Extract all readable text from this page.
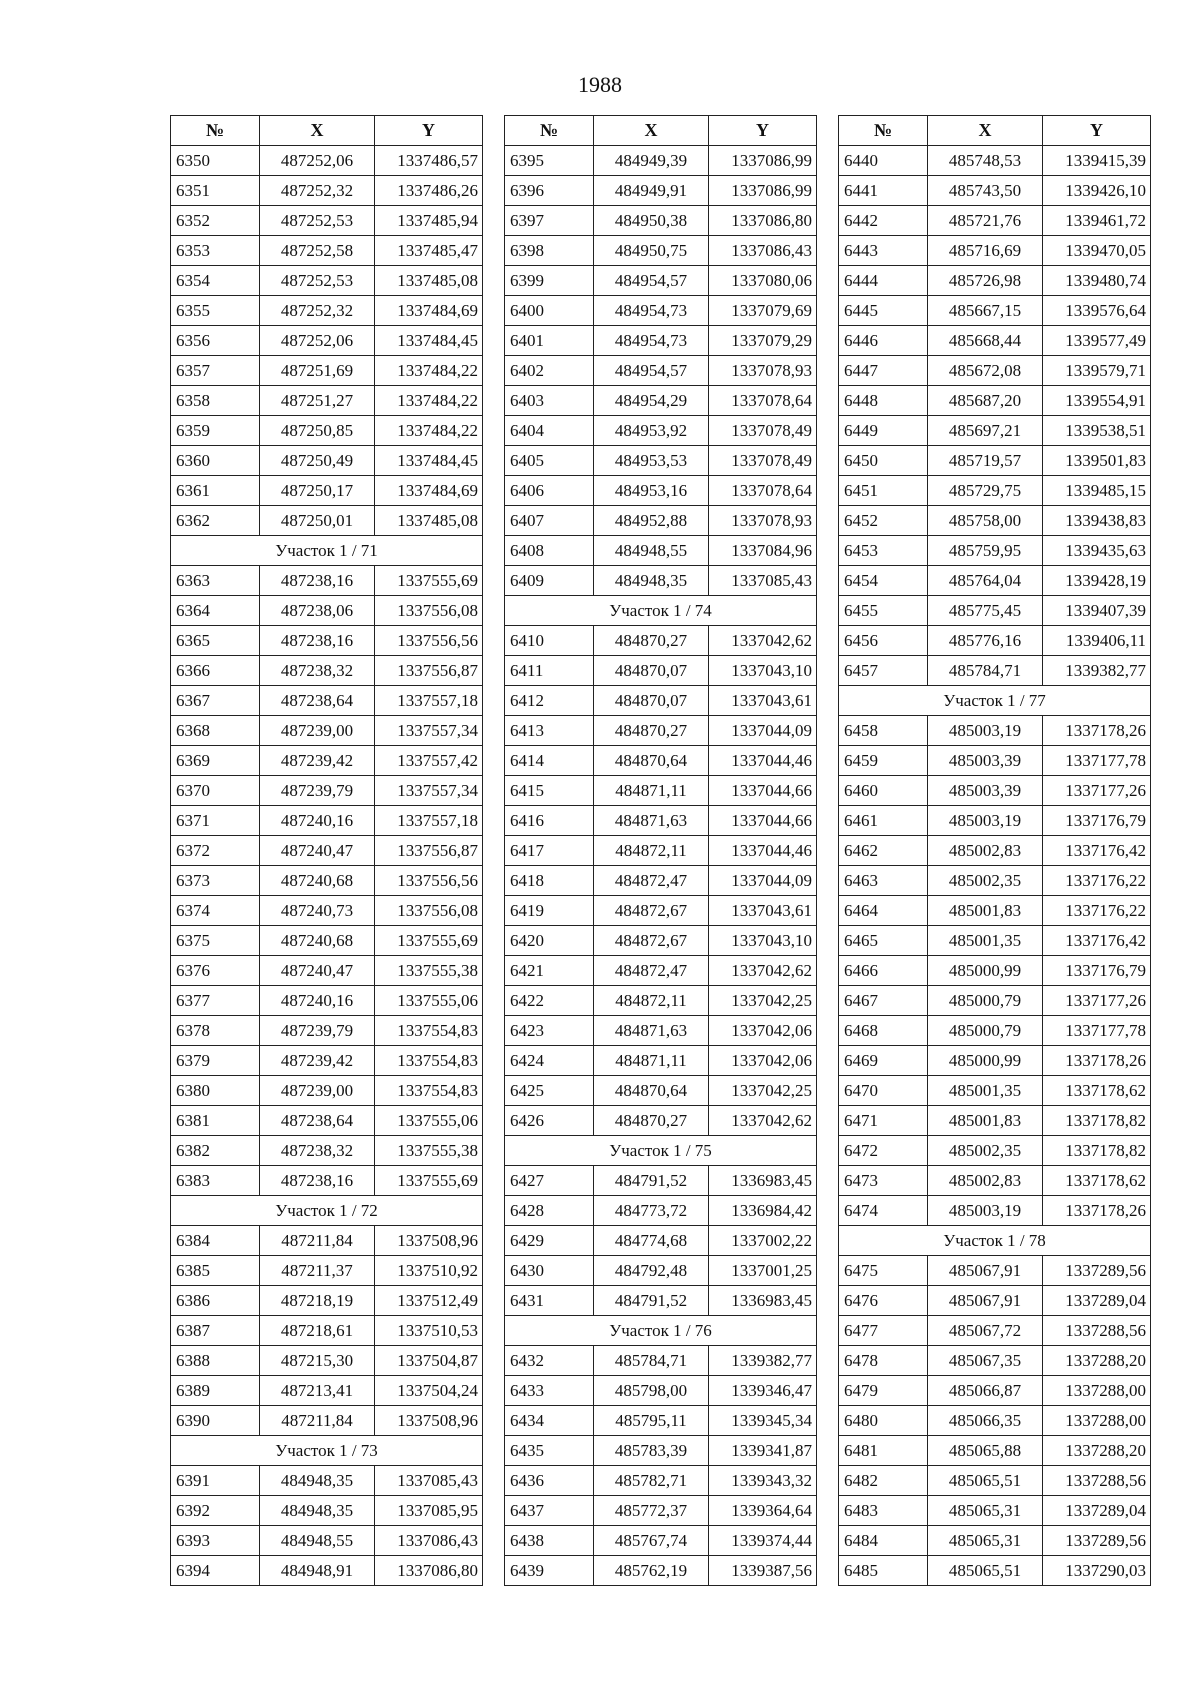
1988
№	X	Y
6350	487252,06	1337486,57
6351	487252,32	1337486,26
6352	487252,53	1337485,94
6353	487252,58	1337485,47
6354	487252,53	1337485,08
6355	487252,32	1337484,69
6356	487252,06	1337484,45
6357	487251,69	1337484,22
6358	487251,27	1337484,22
6359	487250,85	1337484,22
6360	487250,49	1337484,45
6361	487250,17	1337484,69
6362	487250,01	1337485,08
Участок 1 / 71		
6363	487238,16	1337555,69
6364	487238,06	1337556,08
6365	487238,16	1337556,56
6366	487238,32	1337556,87
6367	487238,64	1337557,18
6368	487239,00	1337557,34
6369	487239,42	1337557,42
6370	487239,79	1337557,34
6371	487240,16	1337557,18
6372	487240,47	1337556,87
6373	487240,68	1337556,56
6374	487240,73	1337556,08
6375	487240,68	1337555,69
6376	487240,47	1337555,38
6377	487240,16	1337555,06
6378	487239,79	1337554,83
6379	487239,42	1337554,83
6380	487239,00	1337554,83
6381	487238,64	1337555,06
6382	487238,32	1337555,38
6383	487238,16	1337555,69
Участок 1 / 72		
6384	487211,84	1337508,96
6385	487211,37	1337510,92
6386	487218,19	1337512,49
6387	487218,61	1337510,53
6388	487215,30	1337504,87
6389	487213,41	1337504,24
6390	487211,84	1337508,96
Участок 1 / 73		
6391	484948,35	1337085,43
6392	484948,35	1337085,95
6393	484948,55	1337086,43
6394	484948,91	1337086,80
№	X	Y
6395	484949,39	1337086,99
6396	484949,91	1337086,99
6397	484950,38	1337086,80
6398	484950,75	1337086,43
6399	484954,57	1337080,06
6400	484954,73	1337079,69
6401	484954,73	1337079,29
6402	484954,57	1337078,93
6403	484954,29	1337078,64
6404	484953,92	1337078,49
6405	484953,53	1337078,49
6406	484953,16	1337078,64
6407	484952,88	1337078,93
6408	484948,55	1337084,96
6409	484948,35	1337085,43
Участок 1 / 74		
6410	484870,27	1337042,62
6411	484870,07	1337043,10
6412	484870,07	1337043,61
6413	484870,27	1337044,09
6414	484870,64	1337044,46
6415	484871,11	1337044,66
6416	484871,63	1337044,66
6417	484872,11	1337044,46
6418	484872,47	1337044,09
6419	484872,67	1337043,61
6420	484872,67	1337043,10
6421	484872,47	1337042,62
6422	484872,11	1337042,25
6423	484871,63	1337042,06
6424	484871,11	1337042,06
6425	484870,64	1337042,25
6426	484870,27	1337042,62
Участок 1 / 75		
6427	484791,52	1336983,45
6428	484773,72	1336984,42
6429	484774,68	1337002,22
6430	484792,48	1337001,25
6431	484791,52	1336983,45
Участок 1 / 76		
6432	485784,71	1339382,77
6433	485798,00	1339346,47
6434	485795,11	1339345,34
6435	485783,39	1339341,87
6436	485782,71	1339343,32
6437	485772,37	1339364,64
6438	485767,74	1339374,44
6439	485762,19	1339387,56
№	X	Y
6440	485748,53	1339415,39
6441	485743,50	1339426,10
6442	485721,76	1339461,72
6443	485716,69	1339470,05
6444	485726,98	1339480,74
6445	485667,15	1339576,64
6446	485668,44	1339577,49
6447	485672,08	1339579,71
6448	485687,20	1339554,91
6449	485697,21	1339538,51
6450	485719,57	1339501,83
6451	485729,75	1339485,15
6452	485758,00	1339438,83
6453	485759,95	1339435,63
6454	485764,04	1339428,19
6455	485775,45	1339407,39
6456	485776,16	1339406,11
6457	485784,71	1339382,77
Участок 1 / 77		
6458	485003,19	1337178,26
6459	485003,39	1337177,78
6460	485003,39	1337177,26
6461	485003,19	1337176,79
6462	485002,83	1337176,42
6463	485002,35	1337176,22
6464	485001,83	1337176,22
6465	485001,35	1337176,42
6466	485000,99	1337176,79
6467	485000,79	1337177,26
6468	485000,79	1337177,78
6469	485000,99	1337178,26
6470	485001,35	1337178,62
6471	485001,83	1337178,82
6472	485002,35	1337178,82
6473	485002,83	1337178,62
6474	485003,19	1337178,26
Участок 1 / 78		
6475	485067,91	1337289,56
6476	485067,91	1337289,04
6477	485067,72	1337288,56
6478	485067,35	1337288,20
6479	485066,87	1337288,00
6480	485066,35	1337288,00
6481	485065,88	1337288,20
6482	485065,51	1337288,56
6483	485065,31	1337289,04
6484	485065,31	1337289,56
6485	485065,51	1337290,03
